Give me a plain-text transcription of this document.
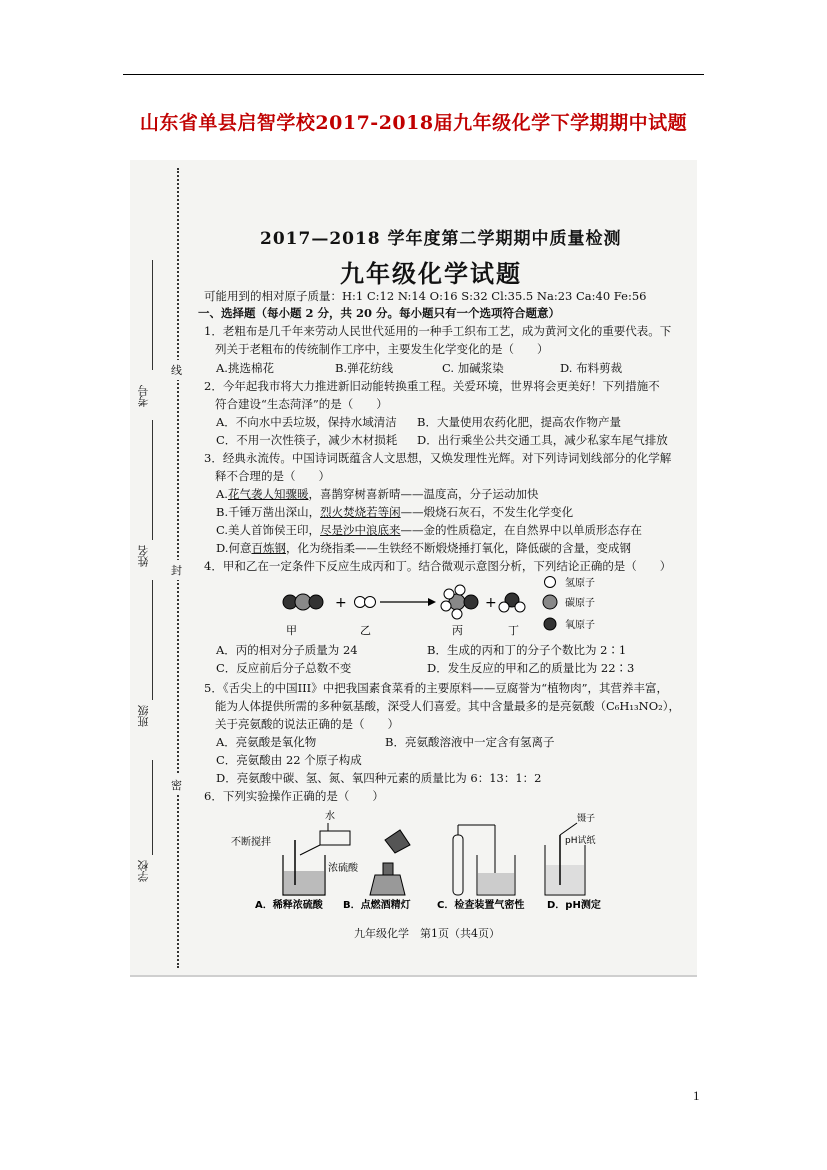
山东省单县启智学校2017-2018届九年级化学下学期期中试题
考号
姓名
班级
学校
线
封
密
2017—2018 学年度第二学期期中质量检测
九年级化学试题
可能用到的相对原子质量：H:1 C:12 N:14 O:16 S:32 Cl:35.5 Na:23 Ca:40 Fe:56
一、选择题（每小题 2 分，共 20 分。每小题只有一个选项符合题意）
1．老粗布是几千年来劳动人民世代延用的一种手工织布工艺，成为黄河文化的重要代表。下
列关于老粗布的传统制作工序中，主要发生化学变化的是（　　）
A.挑选棉花	B.弹花纺线	C. 加碱浆染	D. 布料剪裁
2．今年起我市将大力推进新旧动能转换重工程。关爱环境，世界将会更美好！下列措施不
符合建设“生态菏泽”的是（　　）
A．不向水中丢垃圾，保持水域清洁 B．大量使用农药化肥，提高农作物产量
C．不用一次性筷子，减少木材损耗 D．出行乘坐公共交通工具，减少私家车尾气排放
3．经典永流传。中国诗词既蕴含人文思想，又焕发理性光辉。对下列诗词划线部分的化学解
释不合理的是（　　）
A.花气袭人知骤暖，喜鹊穿树喜新晴——温度高，分子运动加快
B.千锤万凿出深山，烈火焚烧若等闲——煅烧石灰石，不发生化学变化
C.美人首饰侯王印，尽是沙中浪底来——金的性质稳定，在自然界中以单质形态存在
D.何意百炼钢，化为绕指柔——生铁经不断煅烧捶打氧化，降低碳的含量，变成钢
4．甲和乙在一定条件下反应生成丙和丁。结合微观示意图分析，下列结论正确的是（　　）
+	+
甲	乙	丙	丁
氢原子
碳原子
氧原子
A．丙的相对分子质量为 24	B．生成的丙和丁的分子个数比为 2∶1
C．反应前后分子总数不变	D．发生反应的甲和乙的质量比为 22∶3
5．《舌尖上的中国III》中把我国素食菜肴的主要原料——豆腐誉为“植物肉”，其营养丰富，
能为人体提供所需的多种氨基酸，深受人们喜爱。其中含量最多的是亮氨酸（C₆H₁₃NO₂），
关于亮氨酸的说法正确的是（　　）
A．亮氨酸是氧化物	B．亮氨酸溶液中一定含有氢离子
C．亮氨酸由 22 个原子构成
D．亮氨酸中碳、氢、氮、氧四种元素的质量比为 6：13：1：2
6．下列实验操作正确的是（　　）
水
不断搅拌
浓硫酸
A．稀释浓硫酸 B．点燃酒精灯	C．检查装置气密性
镊子
pH试纸
D．pH测定
九年级化学　第1页（共4页）
1
